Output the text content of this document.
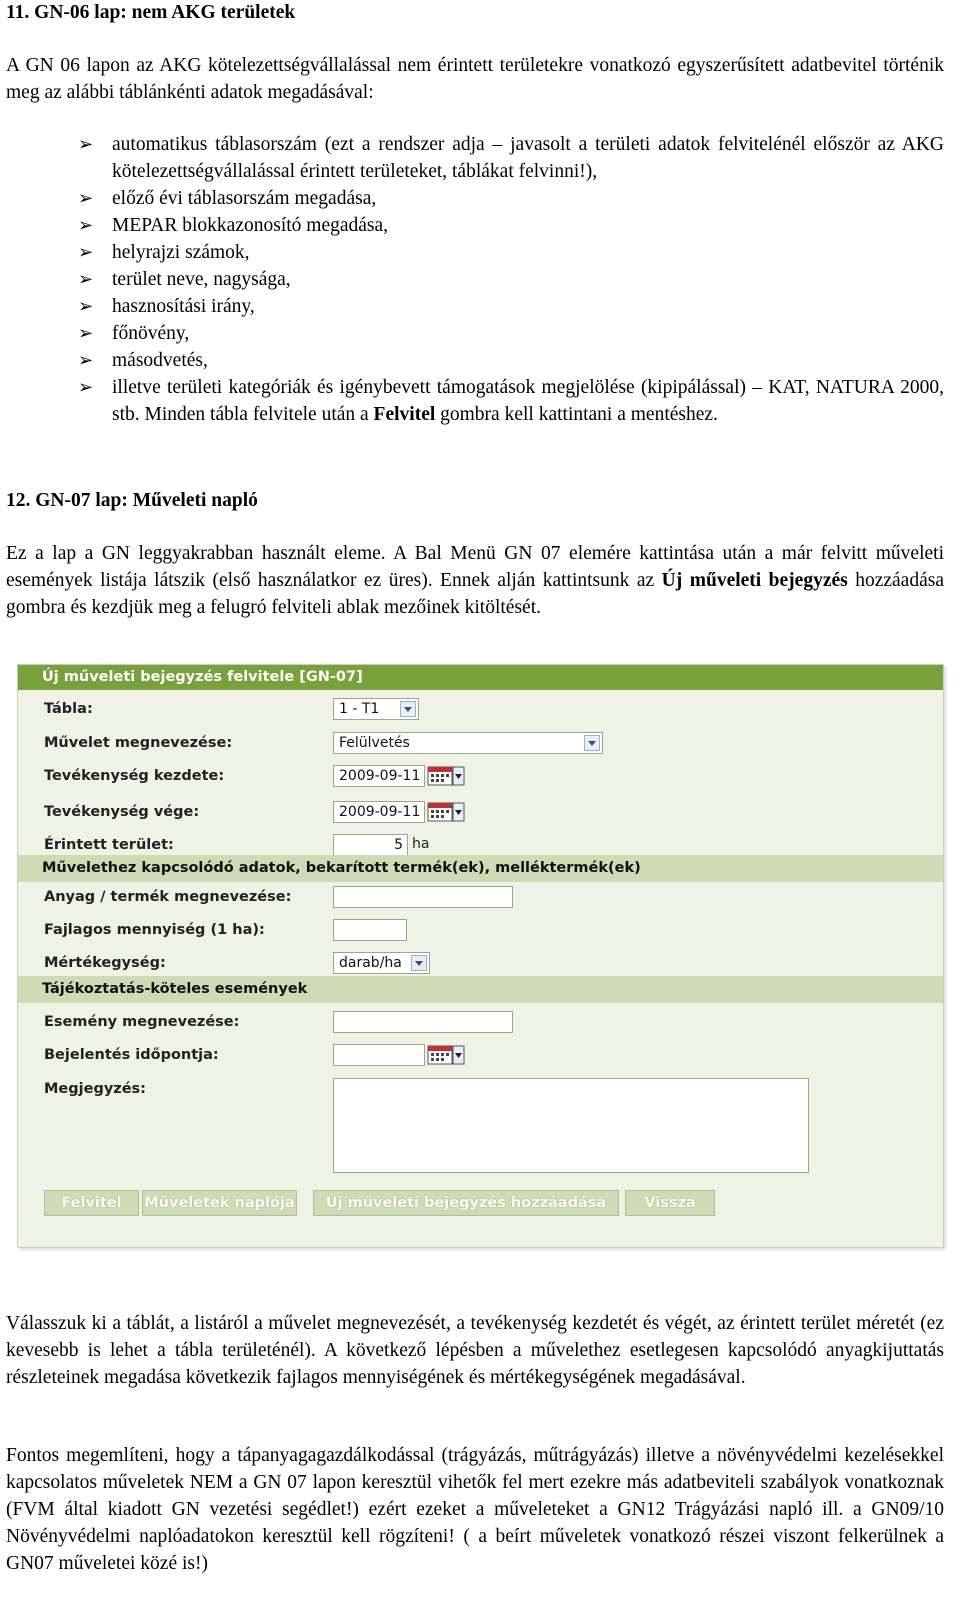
11. GN-06 lap: nem AKG területek

A GN 06 lapon az AKG kötelezettségvállalással nem érintett területekre vonatkozó egyszerűsített adatbevitel történik meg az alábbi táblánkénti adatok megadásával:

➢ automatikus táblasorszám (ezt a rendszer adja – javasolt a területi adatok felvitelénél először az AKG kötelezettségvállalással érintett területeket, táblákat felvinni!),
➢ előző évi táblasorszám megadása,
➢ MEPAR blokkazonosító megadása,
➢ helyrajzi számok,
➢ terület neve, nagysága,
➢ hasznosítási irány,
➢ főnövény,
➢ másodvetés,
➢ illetve területi kategóriák és igénybevett támogatások megjelölése (kipipálással) – KAT, NATURA 2000, stb. Minden tábla felvitele után a Felvitel gombra kell kattintani a mentéshez.
12. GN-07 lap: Műveleti napló

Ez a lap a GN leggyakrabban használt eleme. A Bal Menü GN 07 elemére kattintása után a már felvitt műveleti események listája látszik (első használatkor ez üres). Ennek alján kattintsunk az Új műveleti bejegyzés hozzáadása gombra és kezdjük meg a felugró felviteli ablak mezőinek kitöltését.

Válasszuk ki a táblát, a listáról a művelet megnevezését, a tevékenység kezdetét és végét, az érintett terület méretét (ez kevesebb is lehet a tábla területénél). A következő lépésben a művelethez esetlegesen kapcsolódó anyagkijuttatás részleteinek megadása következik fajlagos mennyiségének és mértékegységének megadásával.

Fontos megemlíteni, hogy a tápanyagagazdálkodással (trágyázás, műtrágyázás) illetve a növényvédelmi kezelésekkel kapcsolatos műveletek NEM a GN 07 lapon keresztül vihetők fel mert ezekre más adatbeviteli szabályok vonatkoznak (FVM által kiadott GN vezetési segédlet!) ezért ezeket a műveleteket a GN12 Trágyázási napló ill. a GN09/10 Növényvédelmi naplóadatokon keresztül kell rögzíteni! ( a beírt műveletek vonatkozó részei viszont felkerülnek a GN07 műveletei közé is!)

Új műveleti bejegyzés felvitele [GN-07]
Tábla:	1 - T1
Művelet megnevezése:	Felülvetés
Tevékenység kezdete:	2009-09-11
Tevékenység vége:	2009-09-11
Érintett terület:	5 ha
Művelethez kapcsolódó adatok, bekarított termék(ek), melléktermék(ek)
Anyag / termék megnevezése:
Fajlagos mennyiség (1 ha):
Mértékegység:	darab/ha
Tájékoztatás-köteles események
Esemény megnevezése:
Bejelentés időpontja:
Megjegyzés:
Felvitel	Műveletek naplója	Új műveleti bejegyzés hozzáadása	Vissza
